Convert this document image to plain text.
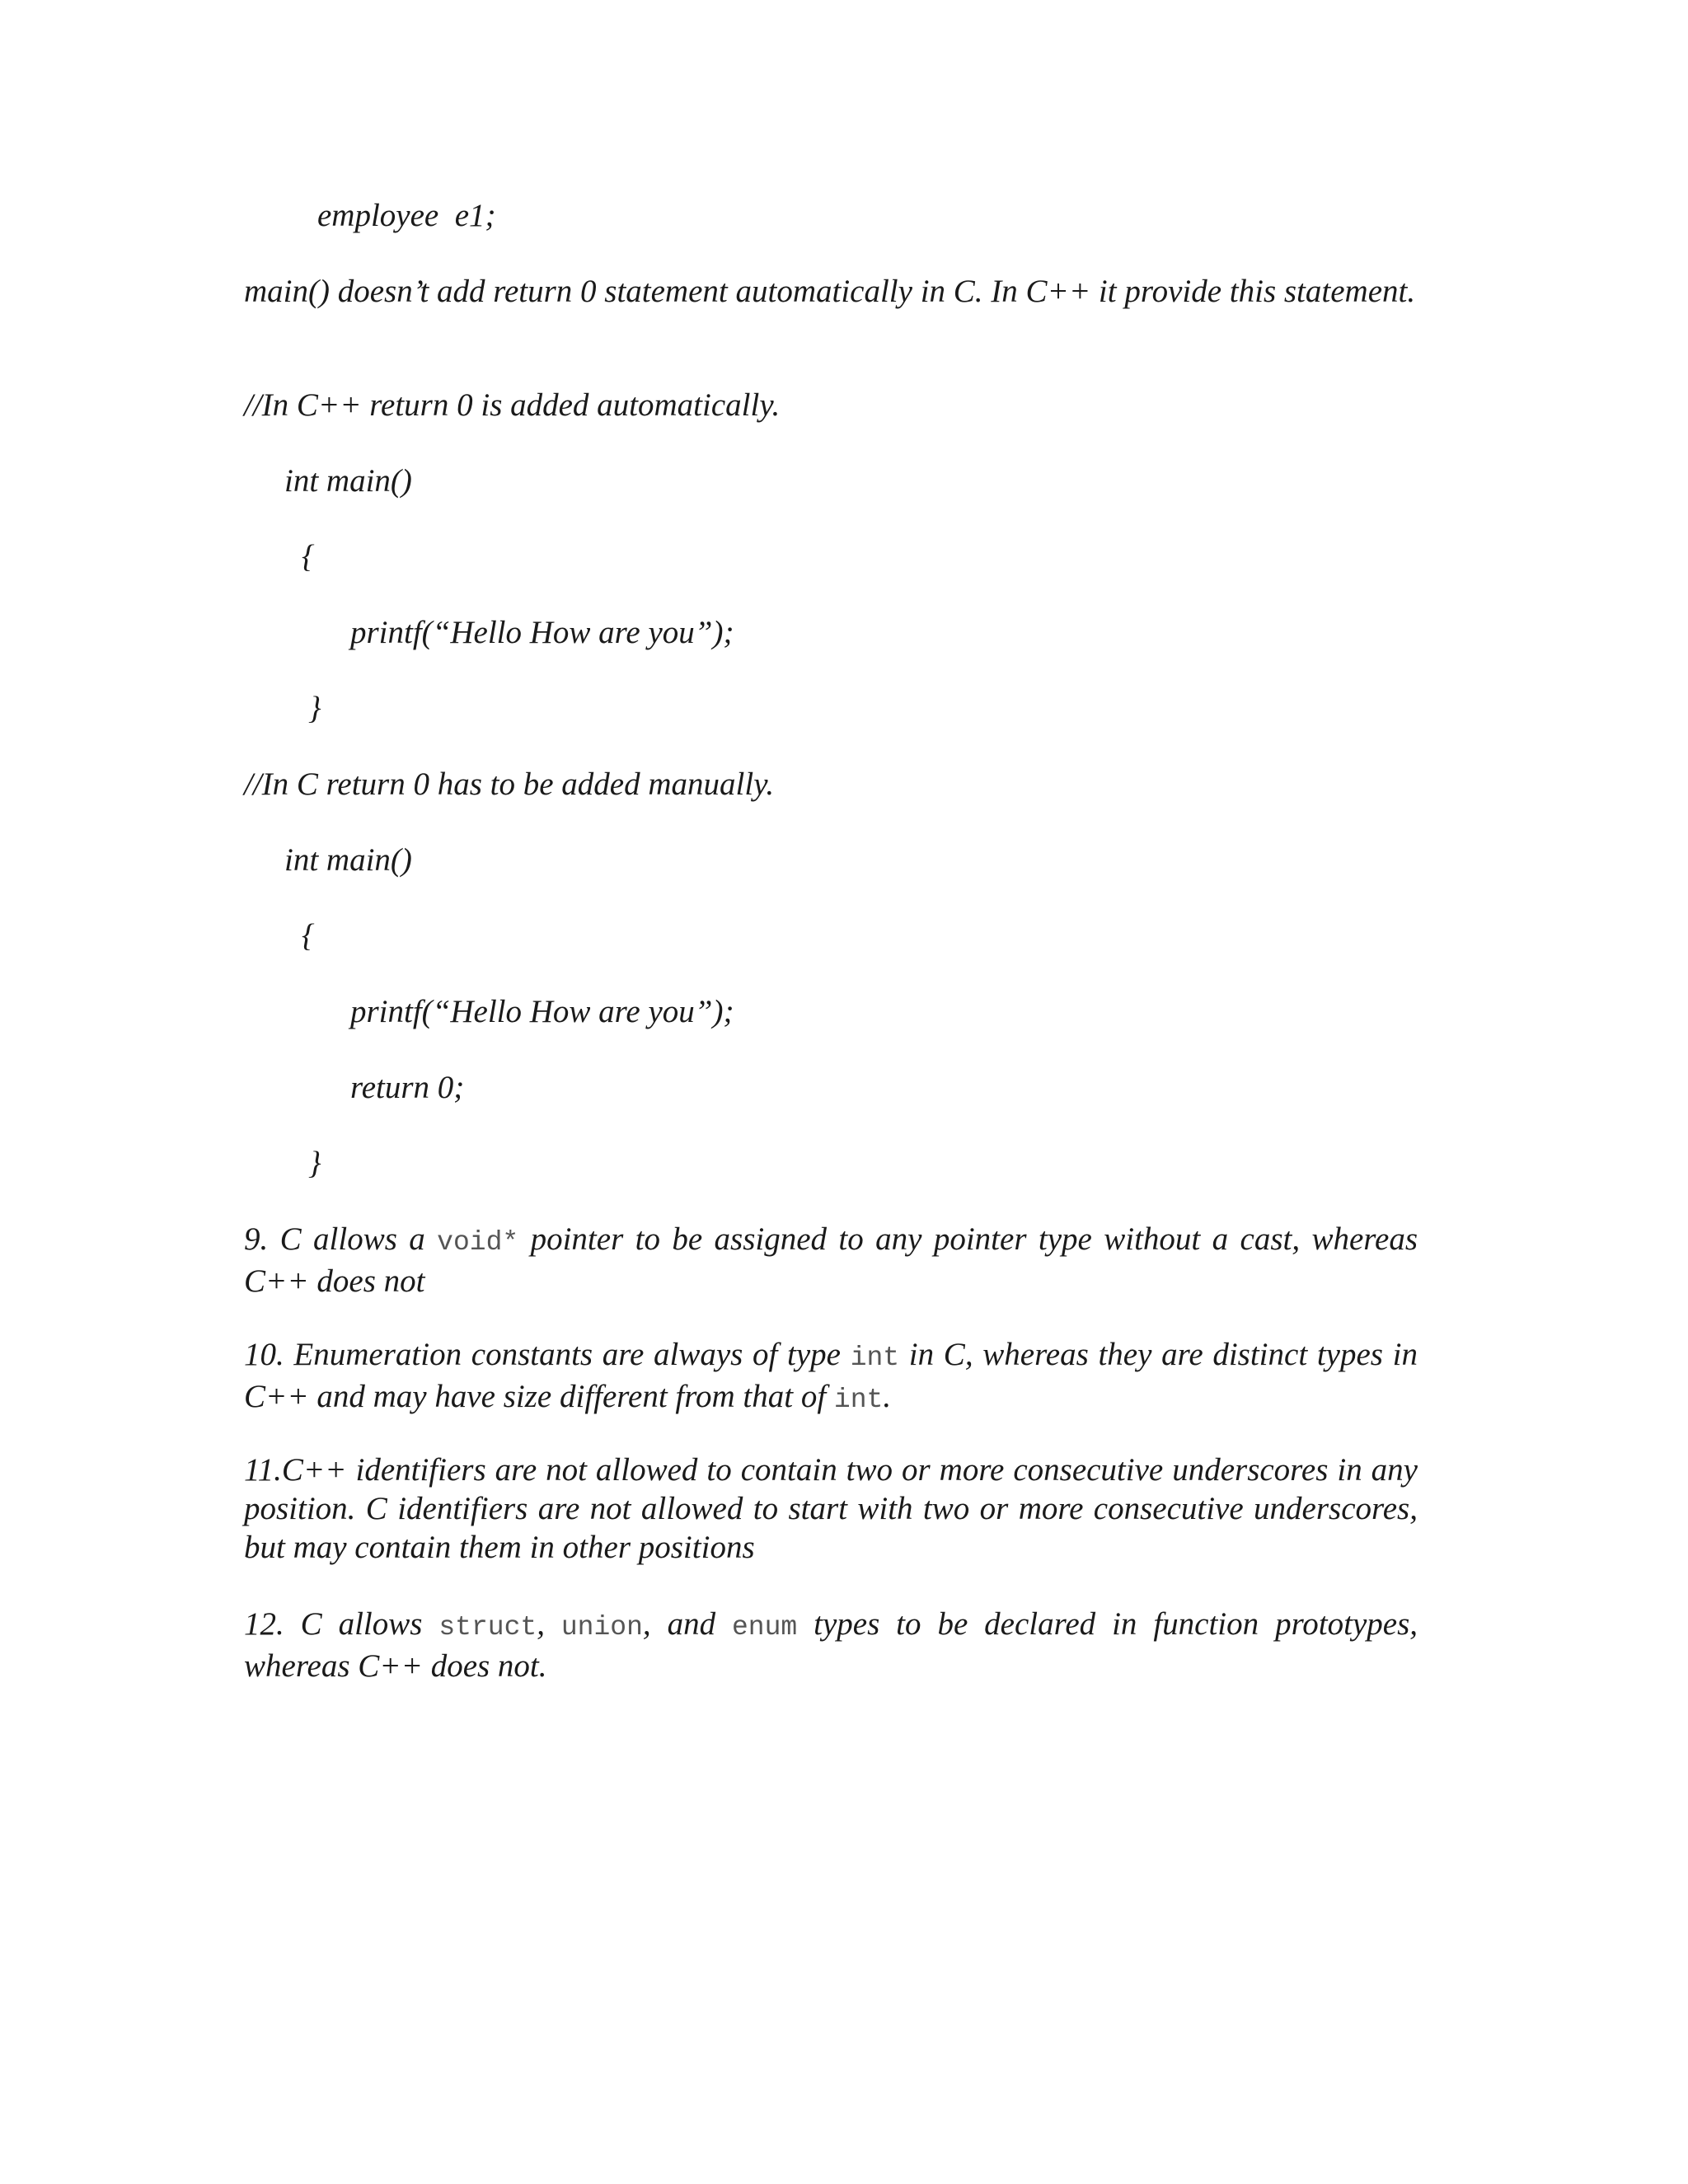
employee  e1;

main() doesn’t add return 0 statement automatically in C. In C++ it provide this statement.

//In C++ return 0 is added automatically.

int main()

{

printf(“Hello How are you”);

}

//In C return 0 has to be added manually.

int main()

{

printf(“Hello How are you”);

return 0;

}

9. C allows a void* pointer to be assigned to any pointer type without a cast, whereas C++ does not

10. Enumeration constants are always of type int in C, whereas they are distinct types in C++ and may have size different from that of int.

11.C++ identifiers are not allowed to contain two or more consecutive underscores in any position. C identifiers are not allowed to start with two or more consecutive underscores, but may contain them in other positions

12. C allows struct, union, and enum types to be declared in function prototypes, whereas C++ does not.
